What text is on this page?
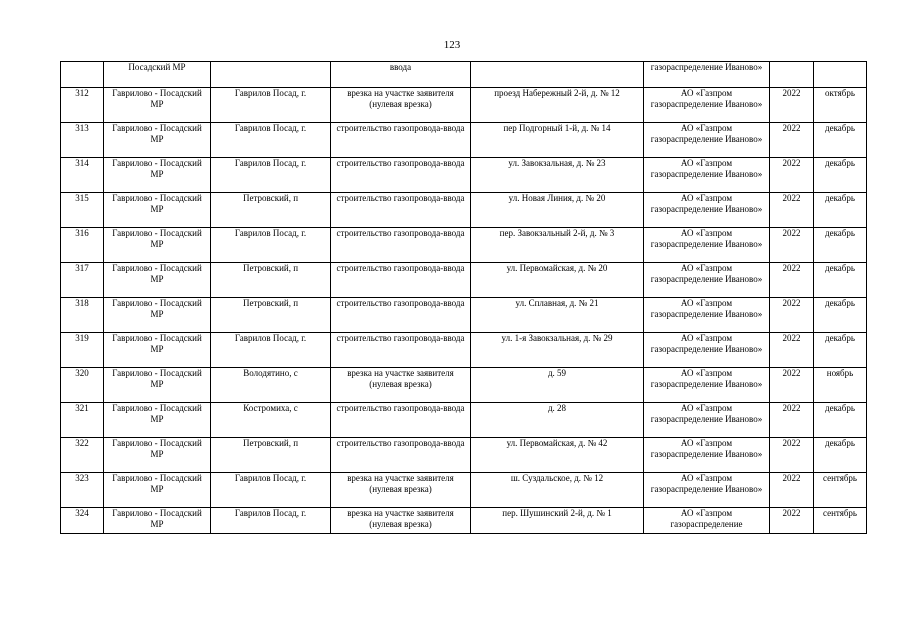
123
	Посадский МР		ввода		газораспределение Иваново»		
312	Гаврилово - Посадский МР	Гаврилов Посад, г.	врезка на участке заявителя (нулевая врезка)	проезд Набережный 2-й, д. № 12	АО «Газпром газораспределение Иваново»	2022	октябрь
313	Гаврилово - Посадский МР	Гаврилов Посад, г.	строительство газопровода-ввода	пер Подгорный 1-й, д. № 14	АО «Газпром газораспределение Иваново»	2022	декабрь
314	Гаврилово - Посадский МР	Гаврилов Посад, г.	строительство газопровода-ввода	ул. Завокзальная, д. № 23	АО «Газпром газораспределение Иваново»	2022	декабрь
315	Гаврилово - Посадский МР	Петровский, п	строительство газопровода-ввода	ул. Новая Линия, д. № 20	АО «Газпром газораспределение Иваново»	2022	декабрь
316	Гаврилово - Посадский МР	Гаврилов Посад, г.	строительство газопровода-ввода	пер. Завокзальный 2-й, д. № 3	АО «Газпром газораспределение Иваново»	2022	декабрь
317	Гаврилово - Посадский МР	Петровский, п	строительство газопровода-ввода	ул. Первомайская, д. № 20	АО «Газпром газораспределение Иваново»	2022	декабрь
318	Гаврилово - Посадский МР	Петровский, п	строительство газопровода-ввода	ул. Сплавная, д. № 21	АО «Газпром газораспределение Иваново»	2022	декабрь
319	Гаврилово - Посадский МР	Гаврилов Посад, г.	строительство газопровода-ввода	ул. 1-я Завокзальная, д. № 29	АО «Газпром газораспределение Иваново»	2022	декабрь
320	Гаврилово - Посадский МР	Володятино, с	врезка на участке заявителя (нулевая врезка)	д. 59	АО «Газпром газораспределение Иваново»	2022	ноябрь
321	Гаврилово - Посадский МР	Костромиха, с	строительство газопровода-ввода	д. 28	АО «Газпром газораспределение Иваново»	2022	декабрь
322	Гаврилово - Посадский МР	Петровский, п	строительство газопровода-ввода	ул. Первомайская, д. № 42	АО «Газпром газораспределение Иваново»	2022	декабрь
323	Гаврилово - Посадский МР	Гаврилов Посад, г.	врезка на участке заявителя (нулевая врезка)	ш. Суздальское, д. № 12	АО «Газпром газораспределение Иваново»	2022	сентябрь
324	Гаврилово - Посадский МР	Гаврилов Посад, г.	врезка на участке заявителя (нулевая врезка)	пер. Шушинский 2-й, д. № 1	АО «Газпром газораспределение	2022	сентябрь
